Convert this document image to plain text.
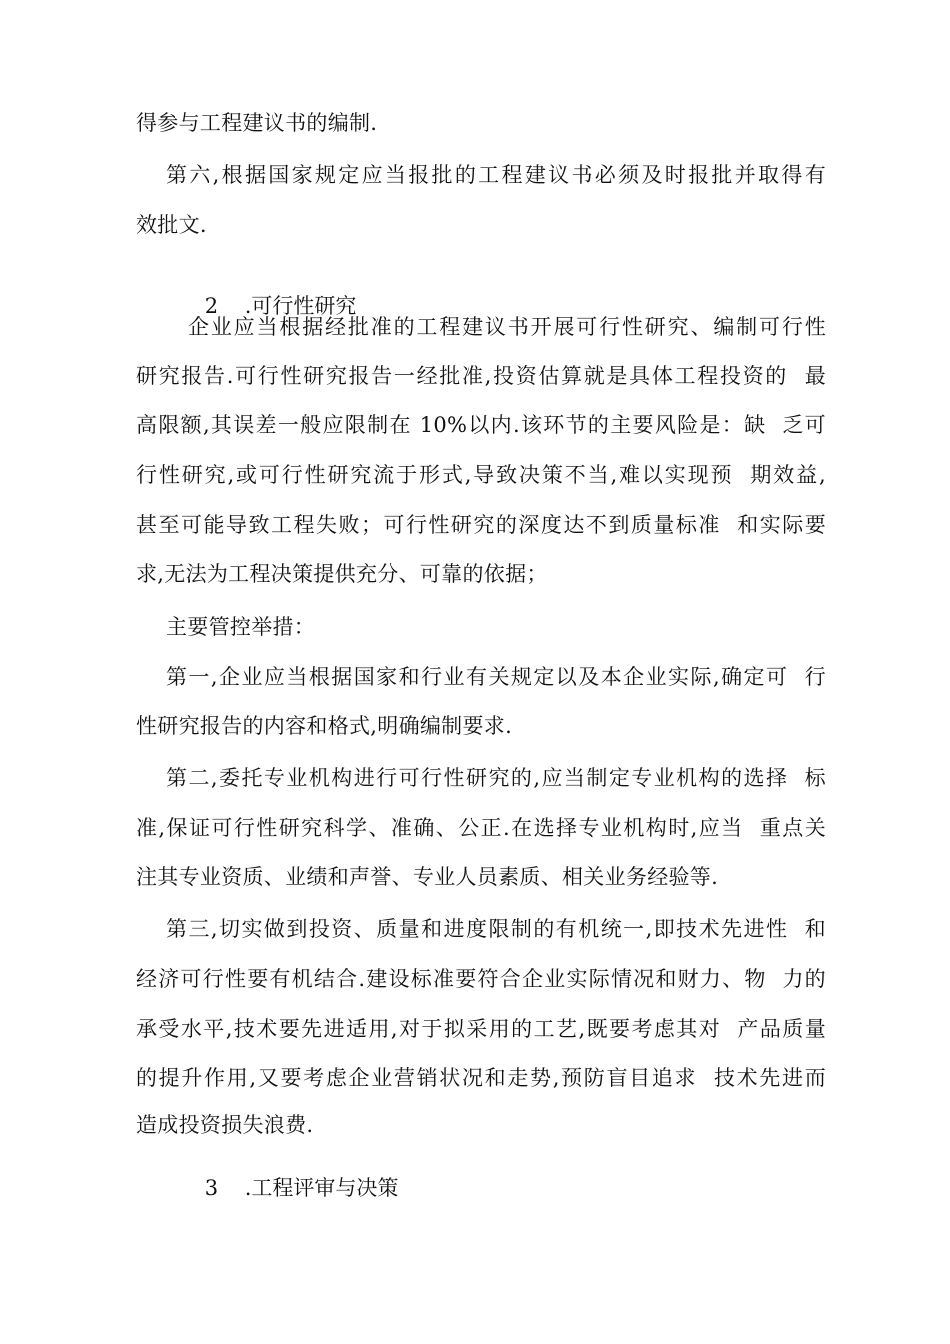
得参与工程建议书的编制.
第六,根据国家规定应当报批的工程建议书必须及时报批并取得有
效批文.

2 .可行性研究

企业应当根据经批准的工程建议书开展可行性研究、编制可行性
研究报告.可行性研究报告一经批准,投资估算就是具体工程投资的  最
高限额,其误差一般应限制在 10%以内.该环节的主要风险是：缺  乏可
行性研究,或可行性研究流于形式,导致决策不当,难以实现预  期效益,
甚至可能导致工程失败；可行性研究的深度达不到质量标准  和实际要
求,无法为工程决策提供充分、可靠的依据；
主要管控举措：
第一,企业应当根据国家和行业有关规定以及本企业实际,确定可  行
性研究报告的内容和格式,明确编制要求.
第二,委托专业机构进行可行性研究的,应当制定专业机构的选择  标
准,保证可行性研究科学、准确、公正.在选择专业机构时,应当  重点关
注其专业资质、业绩和声誉、专业人员素质、相关业务经验等.
第三,切实做到投资、质量和进度限制的有机统一,即技术先进性  和
经济可行性要有机结合.建设标准要符合企业实际情况和财力、物  力的
承受水平,技术要先进适用,对于拟采用的工艺,既要考虑其对  产品质量
的提升作用,又要考虑企业营销状况和走势,预防盲目追求  技术先进而
造成投资损失浪费.

3 .工程评审与决策
